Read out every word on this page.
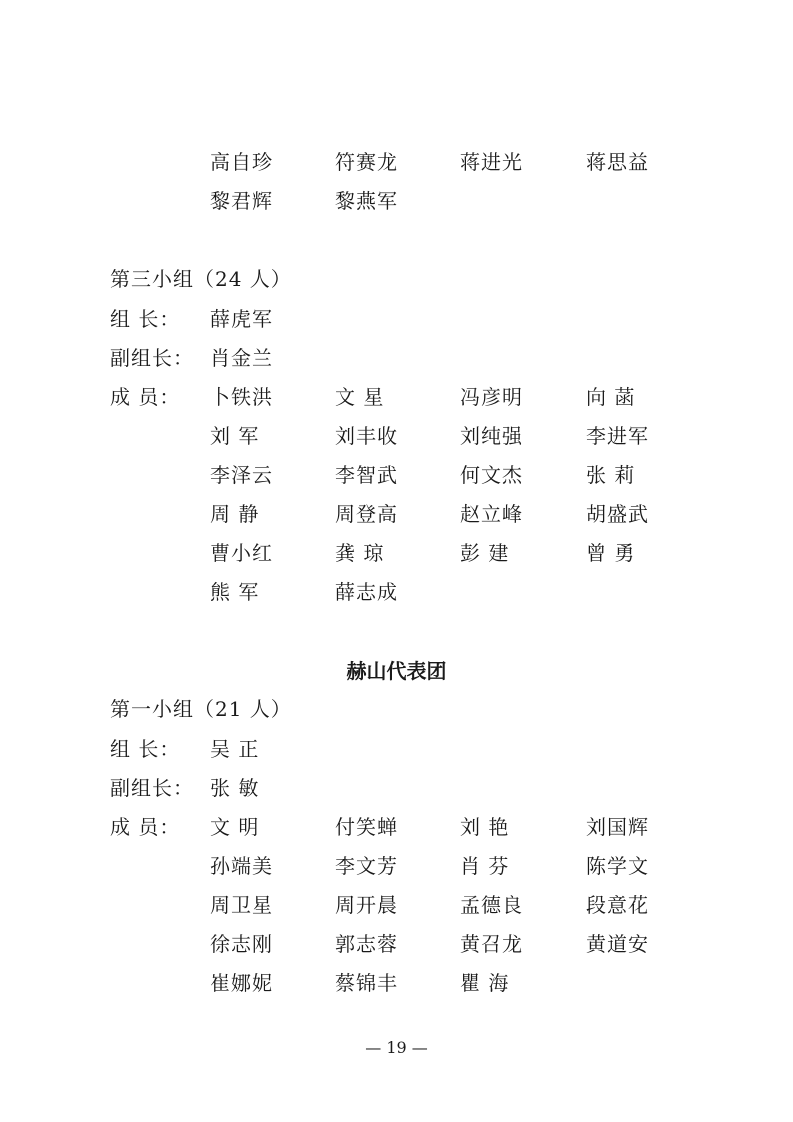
高自珍	符赛龙	蒋进光	蒋思益
黎君辉	黎燕军
第三小组（24 人）
组 长： 薛虎军
副组长： 肖金兰
成 员： 卜铁洪	文 星	冯彦明	向 菡
刘 军	刘丰收	刘纯强	李进军
李泽云	李智武	何文杰	张 莉
周 静	周登高	赵立峰	胡盛武
曹小红	龚 琼	彭 建	曾 勇
熊 军	薛志成
赫山代表团
第一小组（21 人）
组 长： 吴 正
副组长： 张 敏
成 员： 文 明	付笑蝉	刘 艳	刘国辉
孙端美	李文芳	肖 芬	陈学文
周卫星	周开晨	孟德良	段意花
徐志刚	郭志蓉	黄召龙	黄道安
崔娜妮	蔡锦丰	瞿 海
— 19 —
